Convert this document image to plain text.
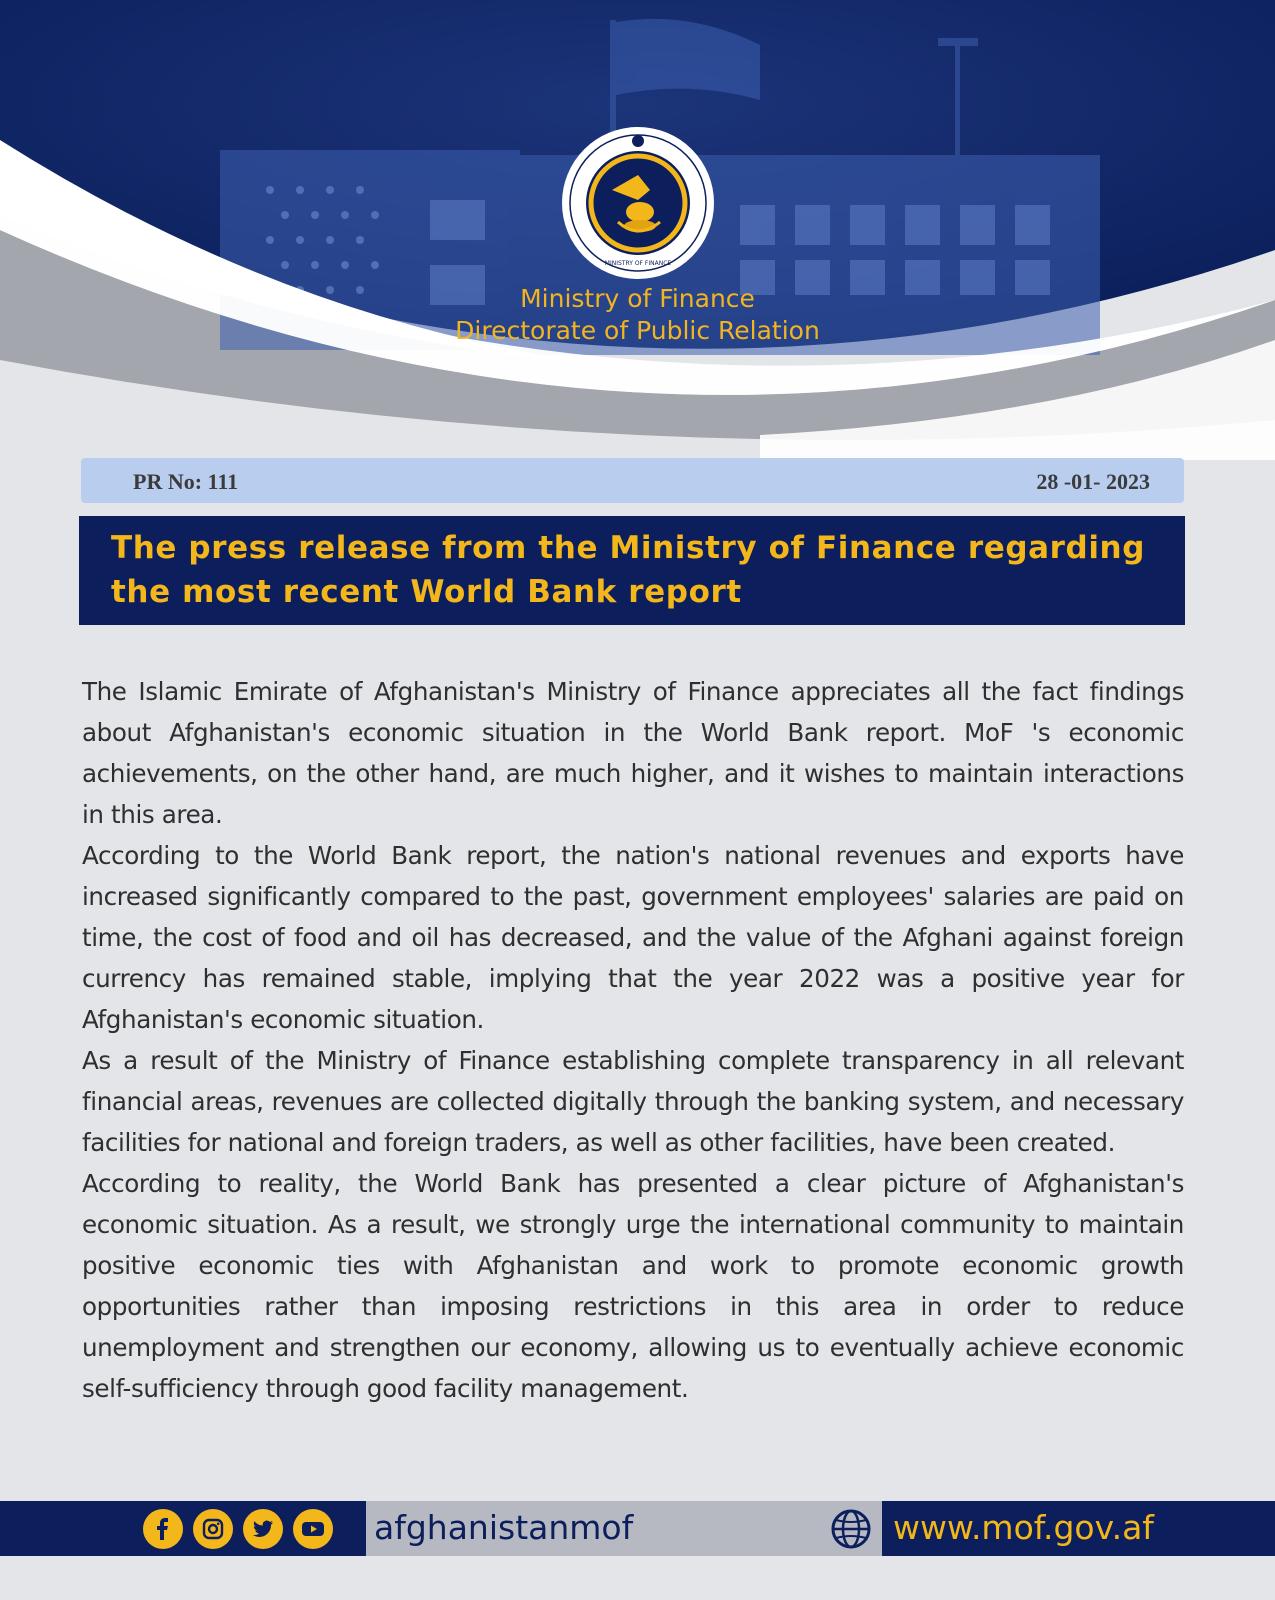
MINISTRY OF FINANCE
Ministry of Finance
Directorate of Public Relation
PR No: 111	28 -01- 2023
The press release from the Ministry of Finance regarding the most recent World Bank report

The Islamic Emirate of Afghanistan's Ministry of Finance appreciates all the fact findings about Afghanistan's economic situation in the World Bank report. MoF 's economic achievements, on the other hand, are much higher, and it wishes to maintain interactions in this area.

According to the World Bank report, the nation's national revenues and exports have increased significantly compared to the past, government employees' salaries are paid on time, the cost of food and oil has decreased, and the value of the Afghani against foreign currency has remained stable, implying that the year 2022 was a positive year for Afghanistan's economic situation.

As a result of the Ministry of Finance establishing complete transparency in all relevant financial areas, revenues are collected digitally through the banking system, and necessary facilities for national and foreign traders, as well as other facilities, have been created.

According to reality, the World Bank has presented a clear picture of Afghanistan's economic situation. As a result, we strongly urge the international community to maintain positive economic ties with Afghanistan and work to promote economic growth opportunities rather than imposing restrictions in this area in order to reduce unemployment and strengthen our economy, allowing us to eventually achieve economic self-sufficiency through good facility management.

afghanistanmof	www.mof.gov.af
